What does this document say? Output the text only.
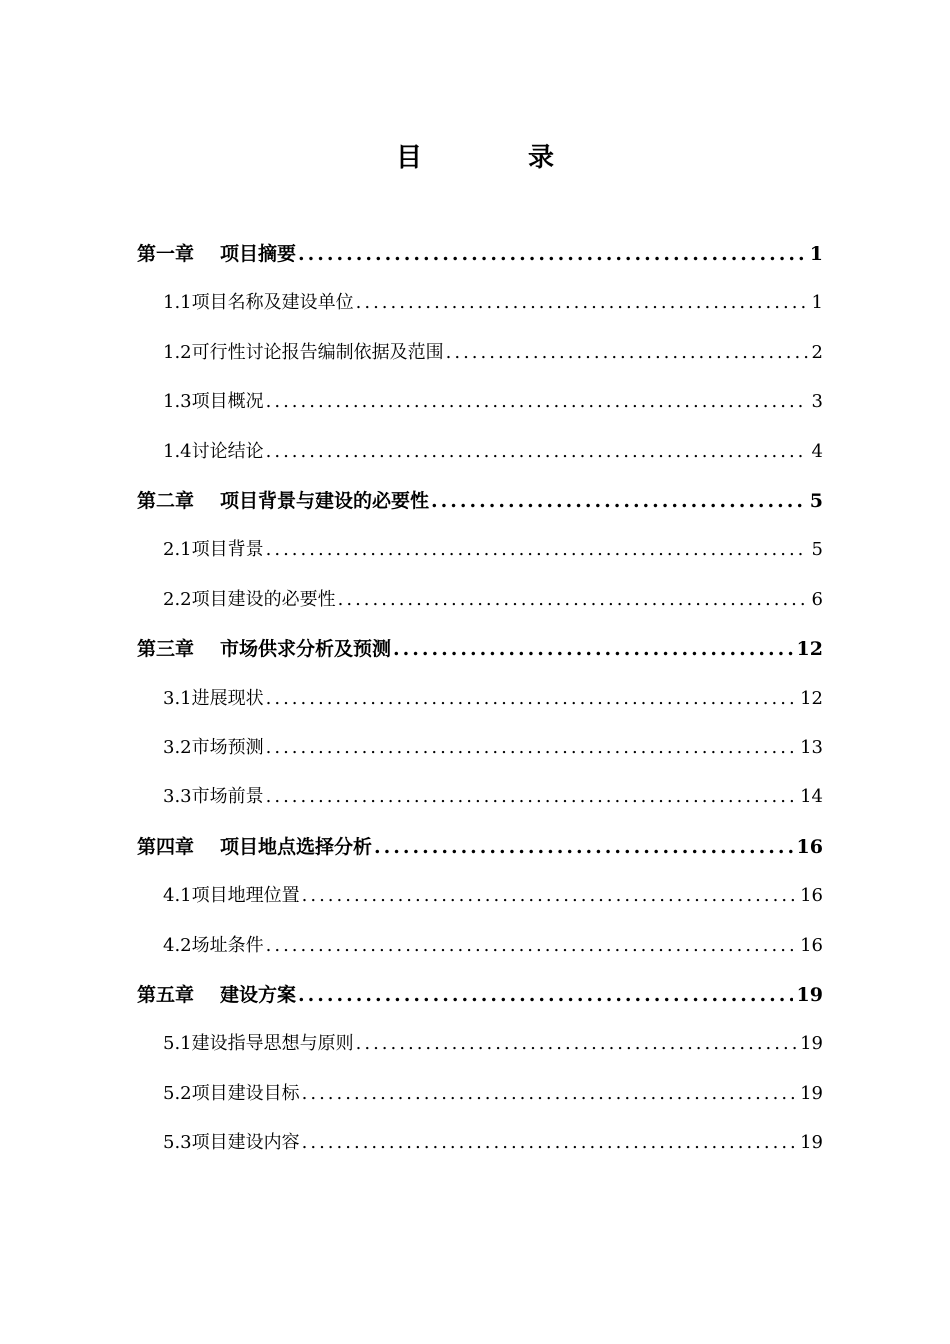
目　录
第一章 项目摘要 .....	1
1.1项目名称及建设单位 .....	1
1.2可行性讨论报告编制依据及范围 .....	2
1.3项目概况 .....	3
1.4讨论结论 .....	4
第二章 项目背景与建设的必要性 .....	5
2.1项目背景 .....	5
2.2项目建设的必要性 .....	6
第三章 市场供求分析及预测 .....	12
3.1进展现状 .....	12
3.2市场预测 .....	13
3.3市场前景 .....	14
第四章 项目地点选择分析 .....	16
4.1项目地理位置 .....	16
4.2场址条件 .....	16
第五章 建设方案 .....	19
5.1建设指导思想与原则 .....	19
5.2项目建设目标 .....	19
5.3项目建设内容 .....	19
